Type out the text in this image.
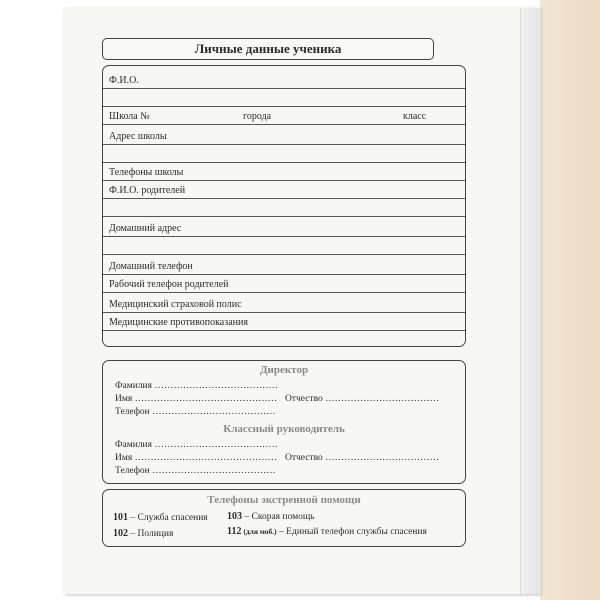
Личные данные ученика
Ф.И.О.
Школа №	города	класс
Адрес школы
Телефоны школы
Ф.И.О. родителей
Домашний адрес
Домашний телефон
Рабочий телефон родителей
Медицинский страховой полис
Медицинские противопоказания
Директор
Фамилия …………………………………
Имя ……………………………………… Отчество ………………………………
Телефон …………………………………
Классный руководитель
Фамилия …………………………………
Имя ……………………………………… Отчество ………………………………
Телефон …………………………………
Телефоны экстренной помощи
101 – Служба спасения 103 – Скорая помощь
102 – Полиция	112 (для моб.) – Единый телефон службы спасения
